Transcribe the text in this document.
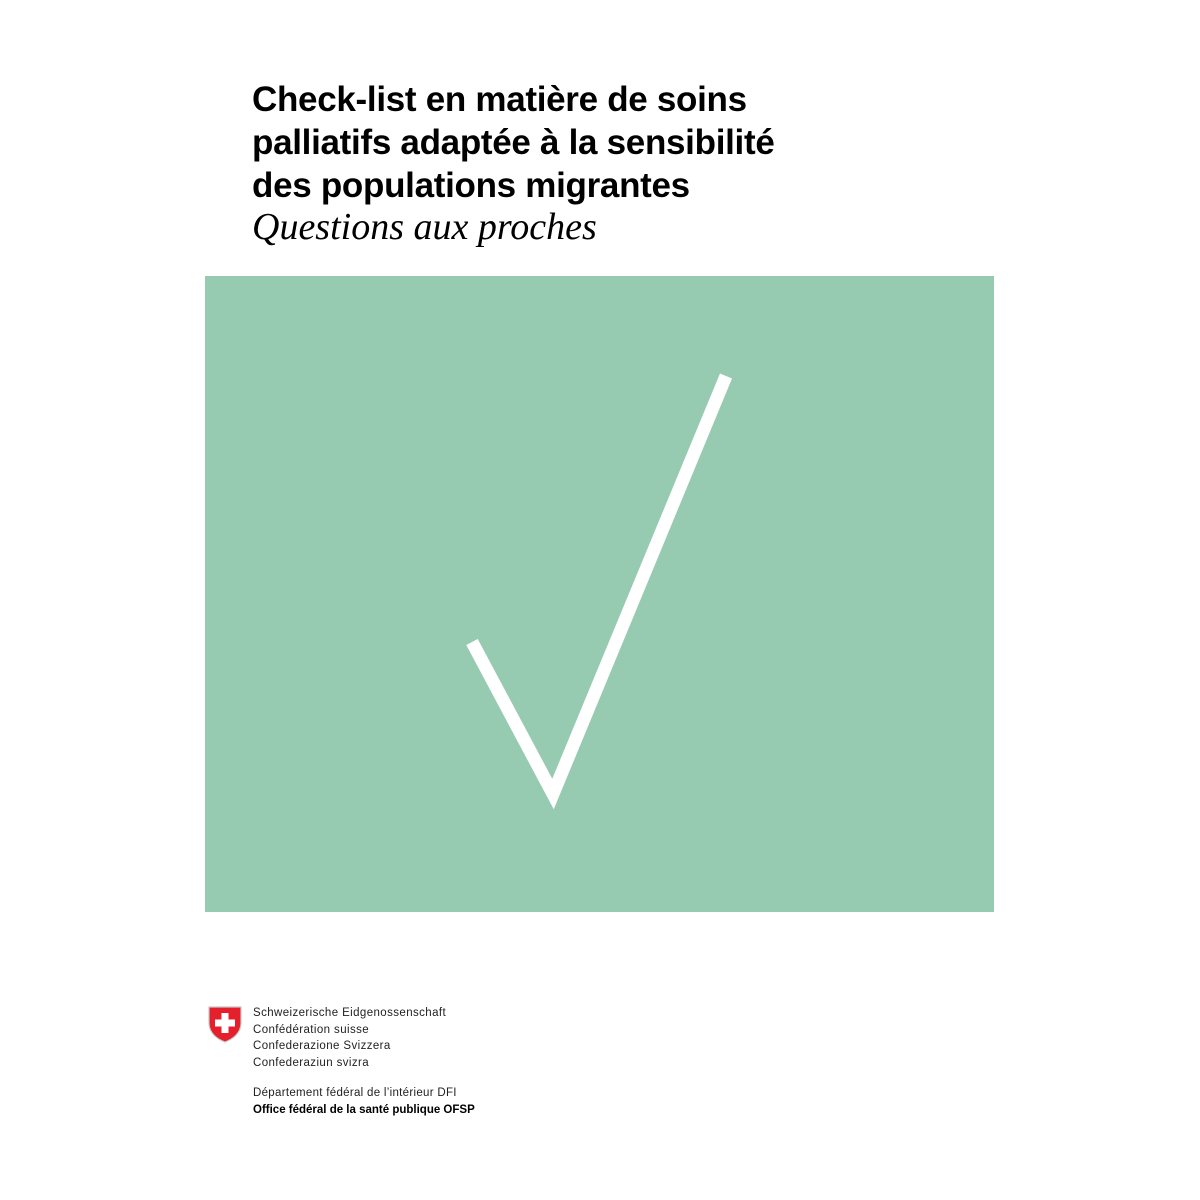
Check-list en matière de soins
palliatifs adaptée à la sensibilité
des populations migrantes
Questions aux proches
Schweizerische Eidgenossenschaft
Confédération suisse
Confederazione Svizzera
Confederaziun svizra
Département fédéral de l’intérieur DFI
Office fédéral de la santé publique OFSP
